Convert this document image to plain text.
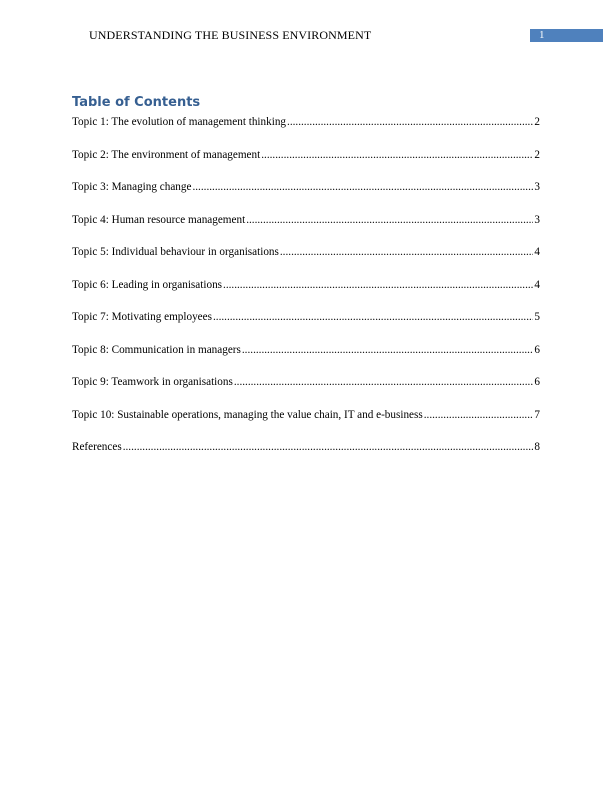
UNDERSTANDING THE BUSINESS ENVIRONMENT	1
Table of Contents
Topic 1: The evolution of management thinking .....	2
Topic 2: The environment of management .....	2
Topic 3: Managing change .....	3
Topic 4: Human resource management .....	3
Topic 5: Individual behaviour in organisations .....	4
Topic 6: Leading in organisations .....	4
Topic 7: Motivating employees .....	5
Topic 8: Communication in managers .....	6
Topic 9: Teamwork in organisations .....	6
Topic 10: Sustainable operations, managing the value chain, IT and e-business .....	7
References .....	8
